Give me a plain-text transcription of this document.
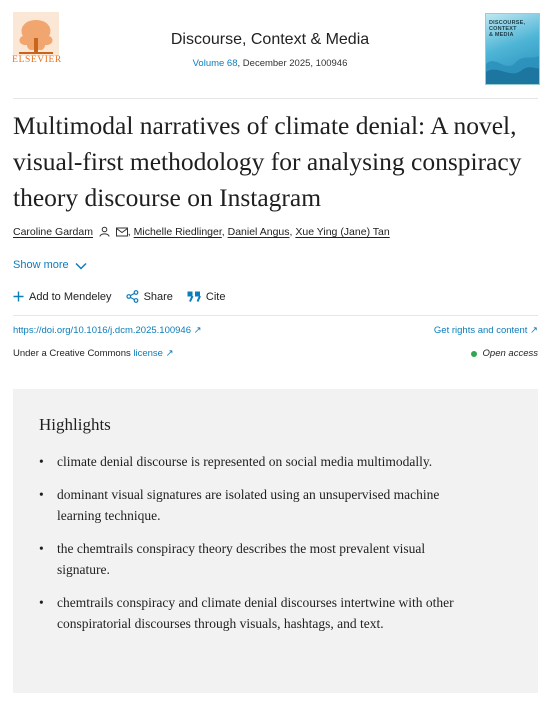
ELSEVIER
Discourse, Context & Media
Volume 68, December 2025, 100946
DISCOURSE,
CONTEXT
& MEDIA
Multimodal narratives of climate denial: A novel, visual-first methodology for analysing conspiracy theory discourse on Instagram
Caroline Gardam	, Michelle Riedlinger, Daniel Angus, Xue Ying (Jane) Tan
Show more
Add to Mendeley	Share	Cite
https://doi.org/10.1016/j.dcm.2025.100946 ↗	Get rights and content ↗
Under a Creative Commons license ↗	Open access
Highlights
• climate denial discourse is represented on social media multimodally.
• dominant visual signatures are isolated using an unsupervised machine learning technique.
• the chemtrails conspiracy theory describes the most prevalent visual signature.
• chemtrails conspiracy and climate denial discourses intertwine with other conspiratorial discourses through visuals, hashtags, and text.
